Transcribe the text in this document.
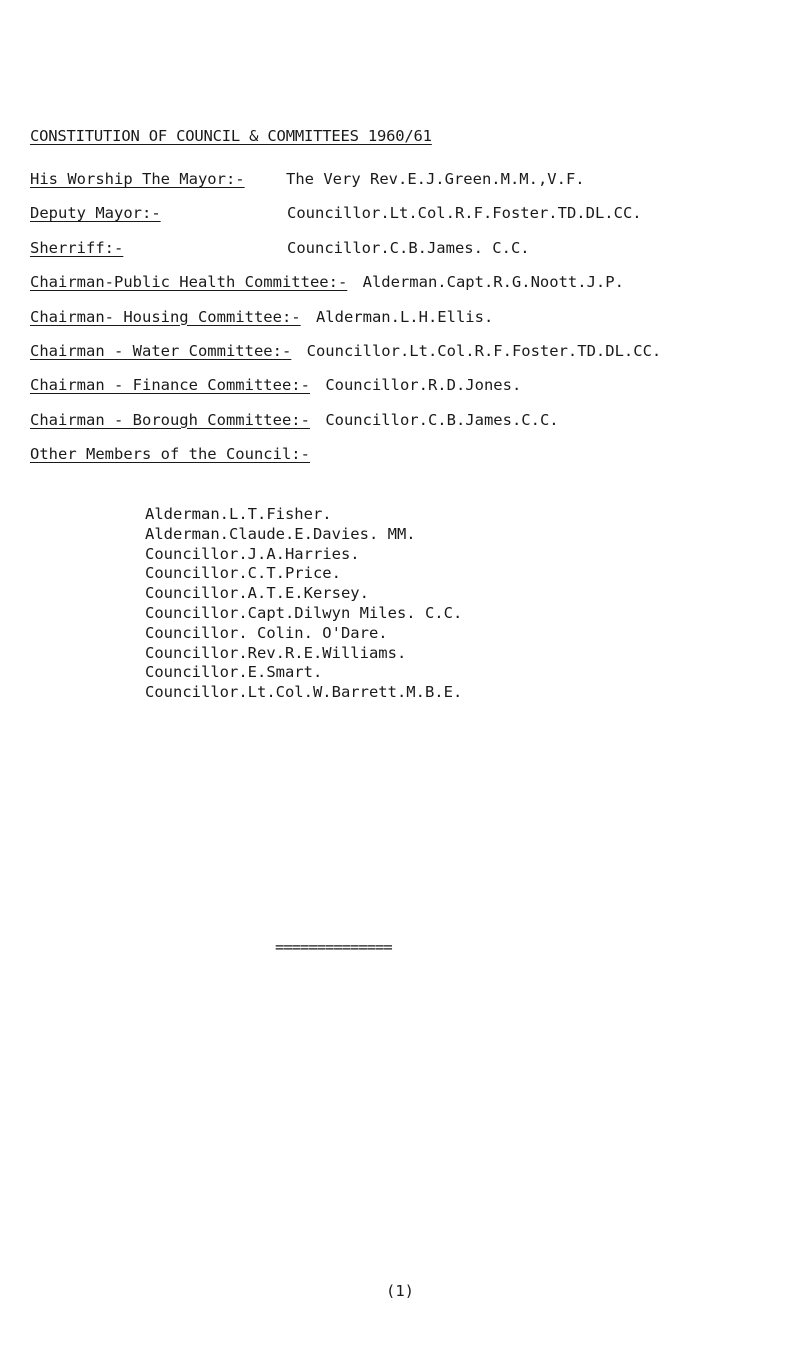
CONSTITUTION OF COUNCIL & COMMITTEES 1960/61
His Worship The Mayor:-	The Very Rev.E.J.Green.M.M.,V.F.
Deputy Mayor:-	Councillor.Lt.Col.R.F.Foster.TD.DL.CC.
Sherriff:-	Councillor.C.B.James. C.C.
Chairman-Public Health Committee:- Alderman.Capt.R.G.Noott.J.P.
Chairman- Housing Committee:- Alderman.L.H.Ellis.
Chairman - Water Committee:- Councillor.Lt.Col.R.F.Foster.TD.DL.CC.
Chairman - Finance Committee:- Councillor.R.D.Jones.
Chairman - Borough Committee:- Councillor.C.B.James.C.C.
Other Members of the Council:-
Alderman.L.T.Fisher.
Alderman.Claude.E.Davies. MM.
Councillor.J.A.Harries.
Councillor.C.T.Price.
Councillor.A.T.E.Kersey.
Councillor.Capt.Dilwyn Miles. C.C.
Councillor. Colin. O'Dare.
Councillor.Rev.R.E.Williams.
Councillor.E.Smart.
Councillor.Lt.Col.W.Barrett.M.B.E.
==============
(1)
